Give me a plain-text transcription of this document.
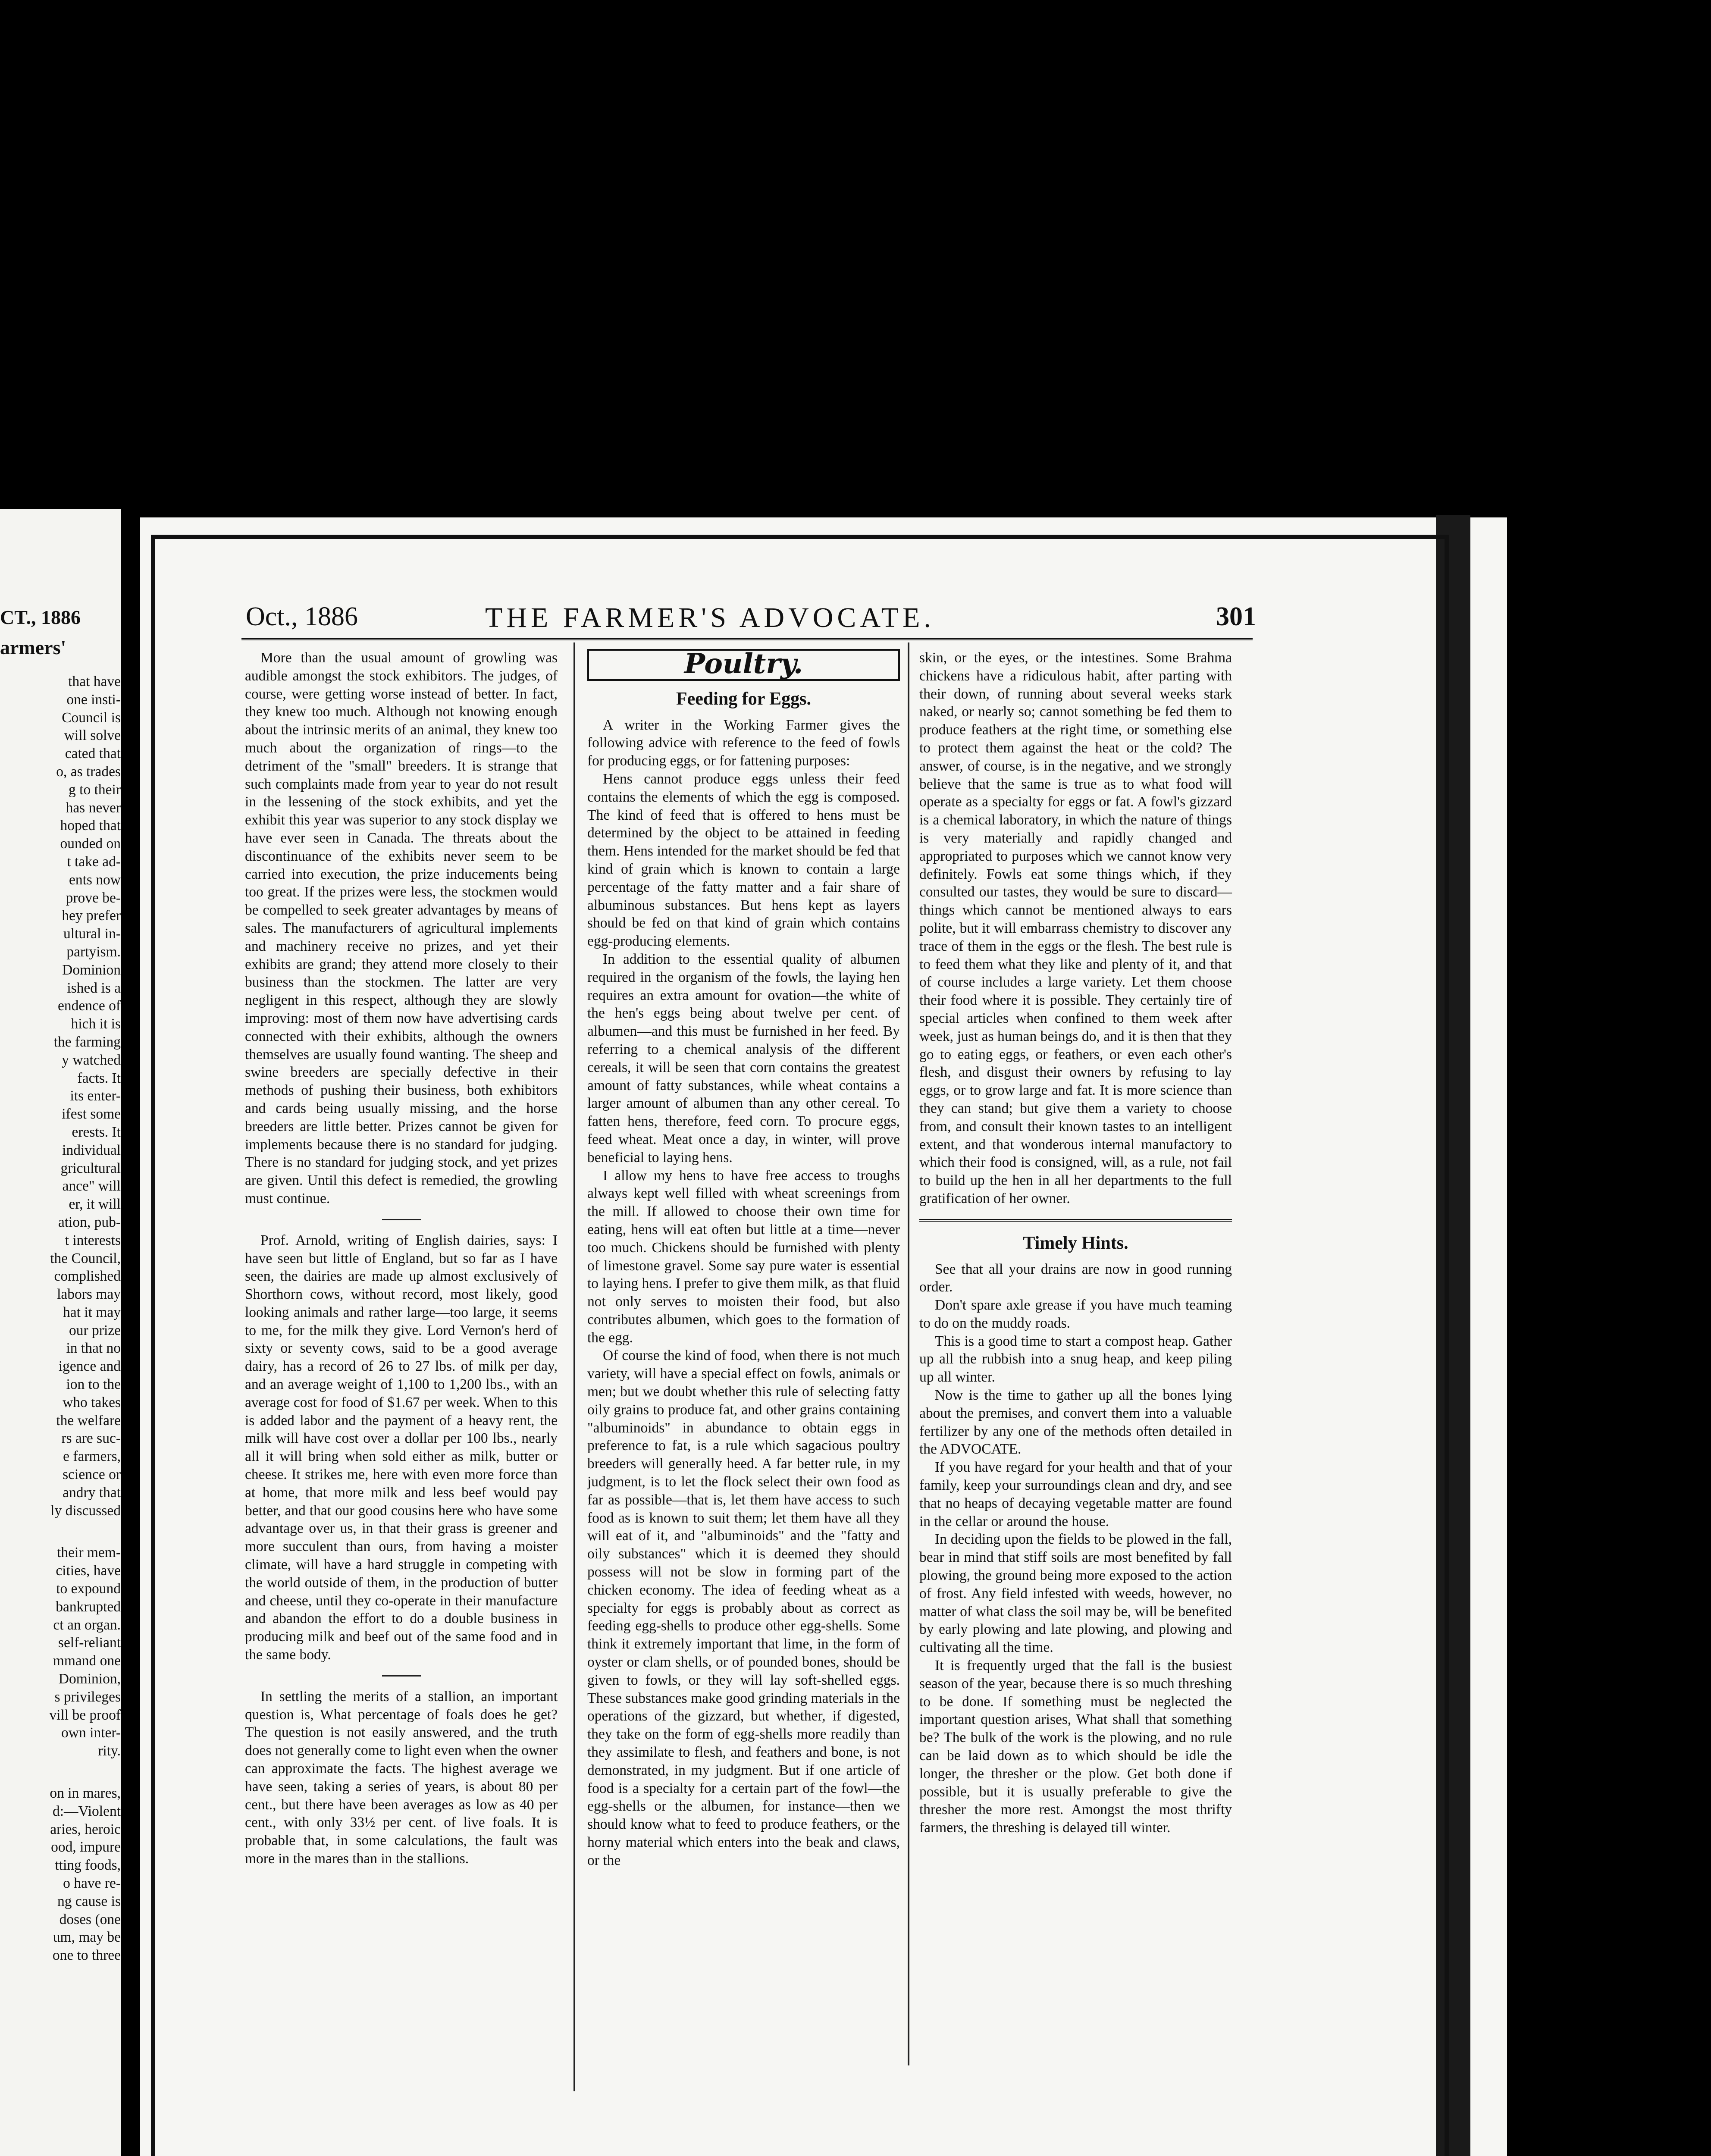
CT., 1886
armers'
that have
one insti-
Council is
will solve
cated that
o, as trades
g to their
has never
hoped that
ounded on
t take ad-
ents now
prove be-
hey prefer
ultural in-
partyism.
Dominion
ished is a
endence of
hich it is
the farming
y watched
facts. It
its enter-
ifest some
erests. It
individual
gricultural
ance" will
er, it will
ation, pub-
t interests
the Council,
complished
labors may
hat it may
our prize
in that no
igence and
ion to the
who takes
the welfare
rs are suc-
e farmers,
science or
andry that
ly discussed
their mem-
cities, have
to expound
bankrupted
ct an organ.
self-reliant
mmand one
Dominion,
s privileges
vill be proof
own inter-
rity.
on in mares,
d:—Violent
aries, heroic
ood, impure
tting foods,
o have re-
ng cause is
doses (one
um, may be
one to three
Oct., 1886	THE FARMER'S ADVOCATE.	301

More than the usual amount of growling was audible amongst the stock exhibitors. The judges, of course, were getting worse instead of better. In fact, they knew too much. Although not knowing enough about the intrinsic merits of an animal, they knew too much about the organization of rings—to the detriment of the "small" breeders. It is strange that such complaints made from year to year do not result in the lessening of the stock exhibits, and yet the exhibit this year was superior to any stock display we have ever seen in Canada. The threats about the discontinuance of the exhibits never seem to be carried into execution, the prize inducements being too great. If the prizes were less, the stockmen would be compelled to seek greater advantages by means of sales. The manufacturers of agricultural implements and machinery receive no prizes, and yet their exhibits are grand; they attend more closely to their business than the stockmen. The latter are very negligent in this respect, although they are slowly improving: most of them now have advertising cards connected with their exhibits, although the owners themselves are usually found wanting. The sheep and swine breeders are specially defective in their methods of pushing their business, both exhibitors and cards being usually missing, and the horse breeders are little better. Prizes cannot be given for implements because there is no standard for judging. There is no standard for judging stock, and yet prizes are given. Until this defect is remedied, the growling must continue.

Prof. Arnold, writing of English dairies, says: I have seen but little of England, but so far as I have seen, the dairies are made up almost exclusively of Shorthorn cows, without record, most likely, good looking animals and rather large—too large, it seems to me, for the milk they give. Lord Vernon's herd of sixty or seventy cows, said to be a good average dairy, has a record of 26 to 27 lbs. of milk per day, and an average weight of 1,100 to 1,200 lbs., with an average cost for food of $1.67 per week. When to this is added labor and the payment of a heavy rent, the milk will have cost over a dollar per 100 lbs., nearly all it will bring when sold either as milk, butter or cheese. It strikes me, here with even more force than at home, that more milk and less beef would pay better, and that our good cousins here who have some advantage over us, in that their grass is greener and more succulent than ours, from having a moister climate, will have a hard struggle in competing with the world outside of them, in the production of butter and cheese, until they co-operate in their manufacture and abandon the effort to do a double business in producing milk and beef out of the same food and in the same body.

In settling the merits of a stallion, an important question is, What percentage of foals does he get? The question is not easily answered, and the truth does not generally come to light even when the owner can approximate the facts. The highest average we have seen, taking a series of years, is about 80 per cent., but there have been averages as low as 40 per cent., with only 33½ per cent. of live foals. It is probable that, in some calculations, the fault was more in the mares than in the stallions.

Poultry.
Feeding for Eggs.

A writer in the Working Farmer gives the following advice with reference to the feed of fowls for producing eggs, or for fattening purposes:

Hens cannot produce eggs unless their feed contains the elements of which the egg is composed. The kind of feed that is offered to hens must be determined by the object to be attained in feeding them. Hens intended for the market should be fed that kind of grain which is known to contain a large percentage of the fatty matter and a fair share of albuminous substances. But hens kept as layers should be fed on that kind of grain which contains egg-producing elements.

In addition to the essential quality of albumen required in the organism of the fowls, the laying hen requires an extra amount for ovation—the white of the hen's eggs being about twelve per cent. of albumen—and this must be furnished in her feed. By referring to a chemical analysis of the different cereals, it will be seen that corn contains the greatest amount of fatty substances, while wheat contains a larger amount of albumen than any other cereal. To fatten hens, therefore, feed corn. To procure eggs, feed wheat. Meat once a day, in winter, will prove beneficial to laying hens.

I allow my hens to have free access to troughs always kept well filled with wheat screenings from the mill. If allowed to choose their own time for eating, hens will eat often but little at a time—never too much. Chickens should be furnished with plenty of limestone gravel. Some say pure water is essential to laying hens. I prefer to give them milk, as that fluid not only serves to moisten their food, but also contributes albumen, which goes to the formation of the egg.

Of course the kind of food, when there is not much variety, will have a special effect on fowls, animals or men; but we doubt whether this rule of selecting fatty oily grains to produce fat, and other grains containing "albuminoids" in abundance to obtain eggs in preference to fat, is a rule which sagacious poultry breeders will generally heed. A far better rule, in my judgment, is to let the flock select their own food as far as possible—that is, let them have access to such food as is known to suit them; let them have all they will eat of it, and "albuminoids" and the "fatty and oily substances" which it is deemed they should possess will not be slow in forming part of the chicken economy. The idea of feeding wheat as a specialty for eggs is probably about as correct as feeding egg-shells to produce other egg-shells. Some think it extremely important that lime, in the form of oyster or clam shells, or of pounded bones, should be given to fowls, or they will lay soft-shelled eggs. These substances make good grinding materials in the operations of the gizzard, but whether, if digested, they take on the form of egg-shells more readily than they assimilate to flesh, and feathers and bone, is not demonstrated, in my judgment. But if one article of food is a specialty for a certain part of the fowl—the egg-shells or the albumen, for instance—then we should know what to feed to produce feathers, or the horny material which enters into the beak and claws, or the

skin, or the eyes, or the intestines. Some Brahma chickens have a ridiculous habit, after parting with their down, of running about several weeks stark naked, or nearly so; cannot something be fed them to produce feathers at the right time, or something else to protect them against the heat or the cold? The answer, of course, is in the negative, and we strongly believe that the same is true as to what food will operate as a specialty for eggs or fat. A fowl's gizzard is a chemical laboratory, in which the nature of things is very materially and rapidly changed and appropriated to purposes which we cannot know very definitely. Fowls eat some things which, if they consulted our tastes, they would be sure to discard—things which cannot be mentioned always to ears polite, but it will embarrass chemistry to discover any trace of them in the eggs or the flesh. The best rule is to feed them what they like and plenty of it, and that of course includes a large variety. Let them choose their food where it is possible. They certainly tire of special articles when confined to them week after week, just as human beings do, and it is then that they go to eating eggs, or feathers, or even each other's flesh, and disgust their owners by refusing to lay eggs, or to grow large and fat. It is more science than they can stand; but give them a variety to choose from, and consult their known tastes to an intelligent extent, and that wonderous internal manufactory to which their food is consigned, will, as a rule, not fail to build up the hen in all her departments to the full gratification of her owner.

Timely Hints.

See that all your drains are now in good running order.

Don't spare axle grease if you have much teaming to do on the muddy roads.

This is a good time to start a compost heap. Gather up all the rubbish into a snug heap, and keep piling up all winter.

Now is the time to gather up all the bones lying about the premises, and convert them into a valuable fertilizer by any one of the methods often detailed in the ADVOCATE.

If you have regard for your health and that of your family, keep your surroundings clean and dry, and see that no heaps of decaying vegetable matter are found in the cellar or around the house.

In deciding upon the fields to be plowed in the fall, bear in mind that stiff soils are most benefited by fall plowing, the ground being more exposed to the action of frost. Any field infested with weeds, however, no matter of what class the soil may be, will be benefited by early plowing and late plowing, and plowing and cultivating all the time.

It is frequently urged that the fall is the busiest season of the year, because there is so much threshing to be done. If something must be neglected the important question arises, What shall that something be? The bulk of the work is the plowing, and no rule can be laid down as to which should be idle the longer, the thresher or the plow. Get both done if possible, but it is usually preferable to give the thresher the more rest. Amongst the most thrifty farmers, the threshing is delayed till winter.
